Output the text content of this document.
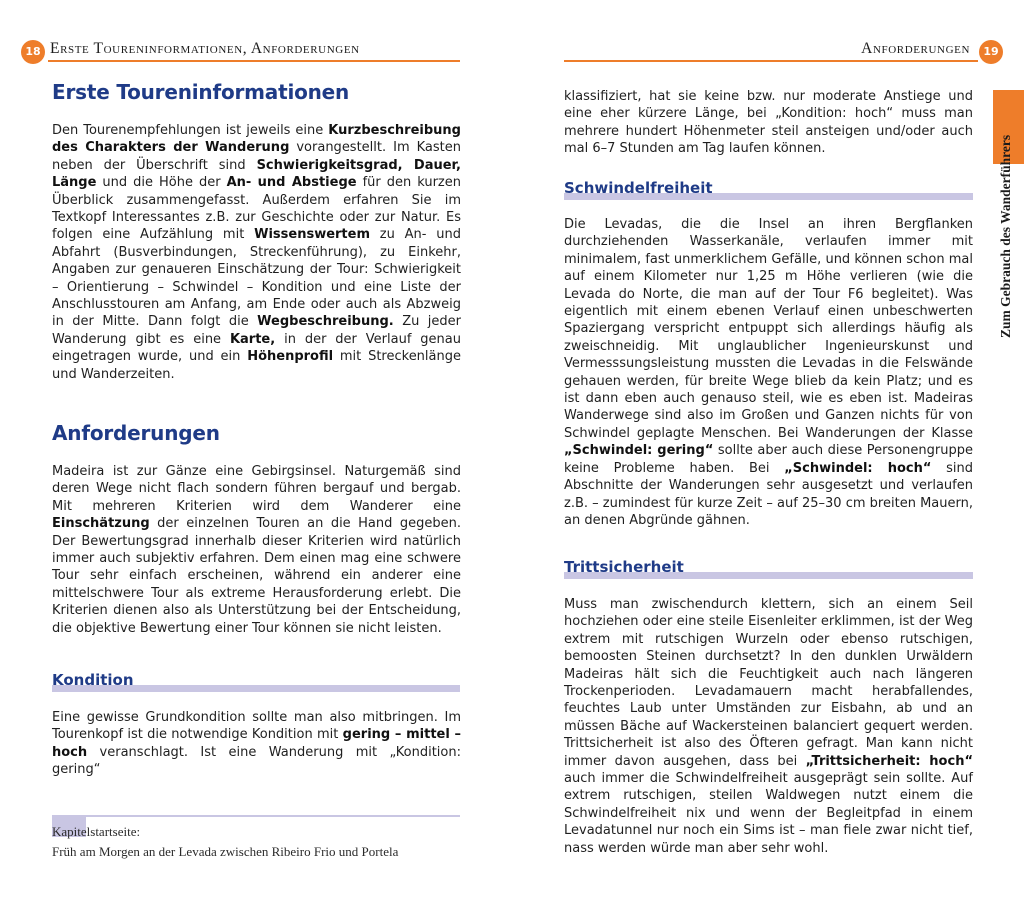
18 Erste Toureninformationen, Anforderungen
Erste Toureninformationen
Den Tourenempfehlungen ist jeweils eine Kurzbeschreibung des Charakters der Wanderung vorangestellt. Im Kasten neben der Überschrift sind Schwierigkeitsgrad, Dauer, Länge und die Höhe der An- und Abstiege für den kurzen Überblick zusammengefasst. Außerdem erfahren Sie im Textkopf Interessantes z.B. zur Geschichte oder zur Natur. Es folgen eine Aufzählung mit Wissenswertem zu An- und Abfahrt (Busverbindungen, Streckenführung), zu Einkehr, Angaben zur genaueren Einschätzung der Tour: Schwierigkeit – Orientierung – Schwindel – Kondition und eine Liste der Anschlusstouren am Anfang, am Ende oder auch als Abzweig in der Mitte. Dann folgt die Wegbeschreibung. Zu jeder Wanderung gibt es eine Karte, in der der Verlauf genau eingetragen wurde, und ein Höhenprofil mit Streckenlänge und Wanderzeiten.
Anforderungen
Madeira ist zur Gänze eine Gebirgsinsel. Naturgemäß sind deren Wege nicht flach sondern führen bergauf und bergab. Mit mehreren Kriterien wird dem Wanderer eine Einschätzung der einzelnen Touren an die Hand gegeben. Der Bewertungsgrad innerhalb dieser Kriterien wird natürlich immer auch subjektiv erfahren. Dem einen mag eine schwere Tour sehr einfach erscheinen, während ein anderer eine mittelschwere Tour als extreme Herausforderung erlebt. Die Kriterien dienen also als Unterstützung bei der Entscheidung, die objektive Bewertung einer Tour können sie nicht leisten.
Kondition
Eine gewisse Grundkondition sollte man also mitbringen. Im Tourenkopf ist die notwendige Kondition mit gering – mittel – hoch veranschlagt. Ist eine Wanderung mit „Kondition: gering“
Kapitelstartseite:
Früh am Morgen an der Levada zwischen Ribeiro Frio und Portela
Anforderungen	19
klassifiziert, hat sie keine bzw. nur moderate Anstiege und eine eher kürzere Länge, bei „Kondition: hoch“ muss man mehrere hundert Höhenmeter steil ansteigen und/oder auch mal 6–7 Stunden am Tag laufen können.
Schwindelfreiheit
Die Levadas, die die Insel an ihren Bergflanken durchziehenden Wasserkanäle, verlaufen immer mit minimalem, fast unmerklichem Gefälle, und können schon mal auf einem Kilometer nur 1,25 m Höhe verlieren (wie die Levada do Norte, die man auf der Tour F6 begleitet). Was eigentlich mit einem ebenen Verlauf einen unbeschwerten Spaziergang verspricht entpuppt sich allerdings häufig als zweischneidig. Mit unglaublicher Ingenieurskunst und Vermesssungsleistung mussten die Levadas in die Felswände gehauen werden, für breite Wege blieb da kein Platz; und es ist dann eben auch genauso steil, wie es eben ist. Madeiras Wanderwege sind also im Großen und Ganzen nichts für von Schwindel geplagte Menschen. Bei Wanderungen der Klasse „Schwindel: gering“ sollte aber auch diese Personengruppe keine Probleme haben. Bei „Schwindel: hoch“ sind Abschnitte der Wanderungen sehr ausgesetzt und verlaufen z.B. – zumindest für kurze Zeit – auf 25–30 cm breiten Mauern, an denen Abgründe gähnen.
Trittsicherheit
Muss man zwischendurch klettern, sich an einem Seil hochziehen oder eine steile Eisenleiter erklimmen, ist der Weg extrem mit rutschigen Wurzeln oder ebenso rutschigen, bemoosten Steinen durchsetzt? In den dunklen Urwäldern Madeiras hält sich die Feuchtigkeit auch nach längeren Trockenperioden. Levadamauern macht herabfallendes, feuchtes Laub unter Umständen zur Eisbahn, ab und an müssen Bäche auf Wackersteinen balanciert gequert werden. Trittsicherheit ist also des Öfteren gefragt. Man kann nicht immer davon ausgehen, dass bei „Trittsicherheit: hoch“ auch immer die Schwindelfreiheit ausgeprägt sein sollte. Auf extrem rutschigen, steilen Waldwegen nutzt einem die Schwindelfreiheit nix und wenn der Begleitpfad in einem Levadatunnel nur noch ein Sims ist – man fiele zwar nicht tief, nass werden würde man aber sehr wohl.
Zum Gebrauch des Wanderführers
